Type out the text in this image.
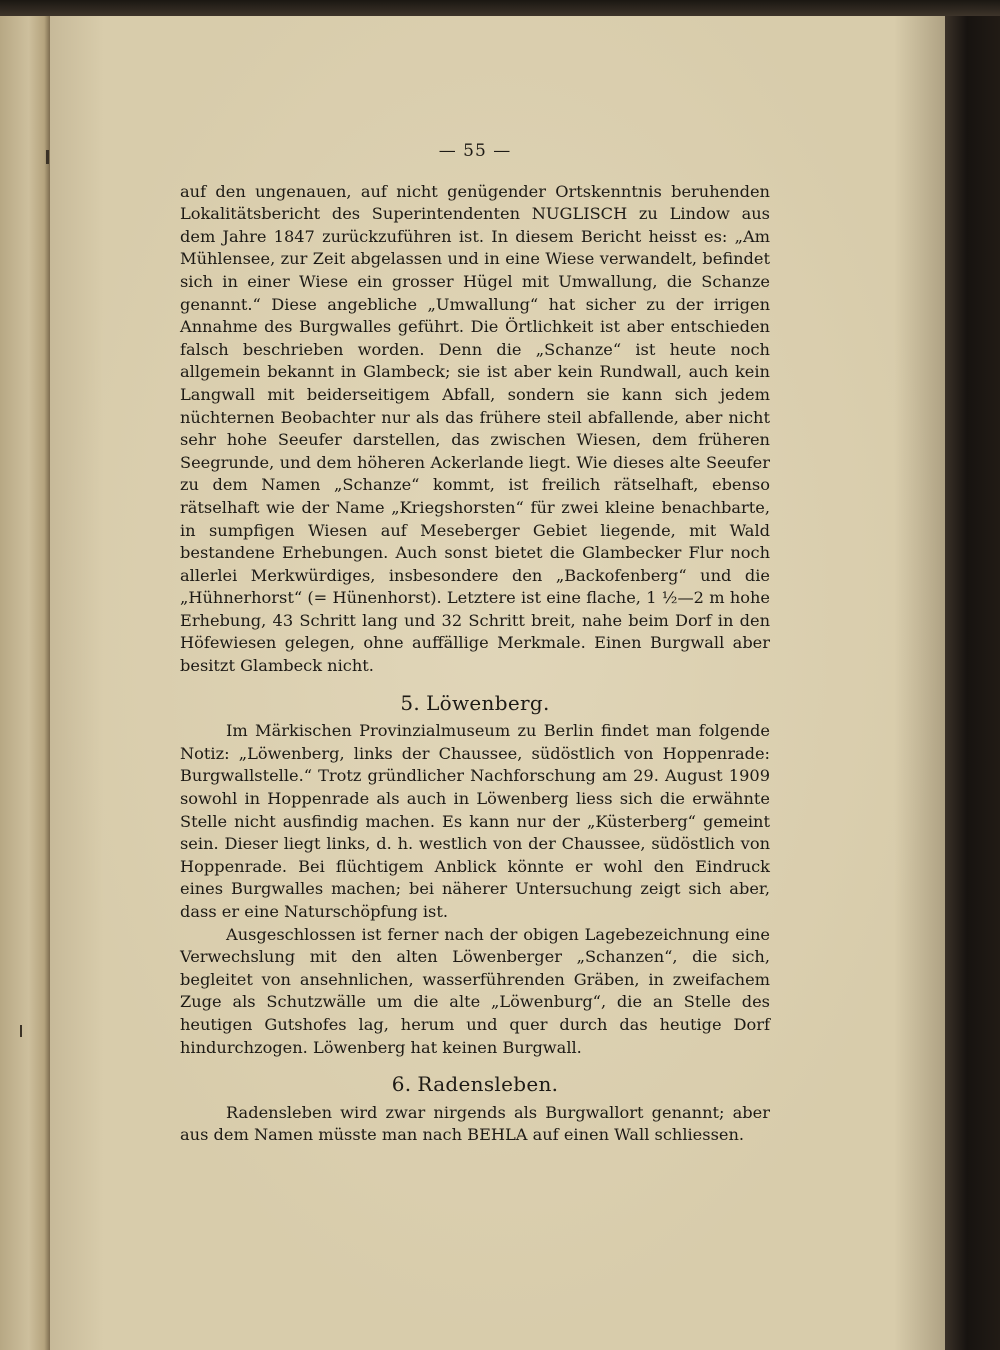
— 55 —

auf den ungenauen, auf nicht genügender Ortskenntnis beruhenden Lokalitätsbericht des Superintendenten NUGLISCH zu Lindow aus dem Jahre 1847 zurückzuführen ist. In diesem Bericht heisst es: „Am Mühlensee, zur Zeit abgelassen und in eine Wiese verwandelt, befindet sich in einer Wiese ein grosser Hügel mit Umwallung, die Schanze genannt.“ Diese angebliche „Umwallung“ hat sicher zu der irrigen Annahme des Burgwalles geführt. Die Örtlichkeit ist aber entschieden falsch beschrieben worden. Denn die „Schanze“ ist heute noch allgemein bekannt in Glambeck; sie ist aber kein Rundwall, auch kein Langwall mit beiderseitigem Abfall, sondern sie kann sich jedem nüchternen Beobachter nur als das frühere steil abfallende, aber nicht sehr hohe Seeufer darstellen, das zwischen Wiesen, dem früheren Seegrunde, und dem höheren Ackerlande liegt. Wie dieses alte Seeufer zu dem Namen „Schanze“ kommt, ist freilich rätselhaft, ebenso rätselhaft wie der Name „Kriegshorsten“ für zwei kleine benachbarte, in sumpfigen Wiesen auf Meseberger Gebiet liegende, mit Wald bestandene Erhebungen. Auch sonst bietet die Glambecker Flur noch allerlei Merkwürdiges, insbesondere den „Backofenberg“ und die „Hühnerhorst“ (= Hünenhorst). Letztere ist eine flache, 1 ½—2 m hohe Erhebung, 43 Schritt lang und 32 Schritt breit, nahe beim Dorf in den Höfewiesen gelegen, ohne auffällige Merkmale. Einen Burgwall aber besitzt Glambeck nicht.

5. Löwenberg.

Im Märkischen Provinzialmuseum zu Berlin findet man folgende Notiz: „Löwenberg, links der Chaussee, südöstlich von Hoppenrade: Burgwallstelle.“ Trotz gründlicher Nachforschung am 29. August 1909 sowohl in Hoppenrade als auch in Löwenberg liess sich die erwähnte Stelle nicht ausfindig machen. Es kann nur der „Küsterberg“ gemeint sein. Dieser liegt links, d. h. westlich von der Chaussee, südöstlich von Hoppenrade. Bei flüchtigem Anblick könnte er wohl den Eindruck eines Burgwalles machen; bei näherer Untersuchung zeigt sich aber, dass er eine Naturschöpfung ist.

Ausgeschlossen ist ferner nach der obigen Lagebezeichnung eine Verwechslung mit den alten Löwenberger „Schanzen“, die sich, begleitet von ansehnlichen, wasserführenden Gräben, in zweifachem Zuge als Schutzwälle um die alte „Löwenburg“, die an Stelle des heutigen Gutshofes lag, herum und quer durch das heutige Dorf hindurchzogen. Löwenberg hat keinen Burgwall.

6. Radensleben.

Radensleben wird zwar nirgends als Burgwallort genannt; aber aus dem Namen müsste man nach BEHLA auf einen Wall schliessen.
